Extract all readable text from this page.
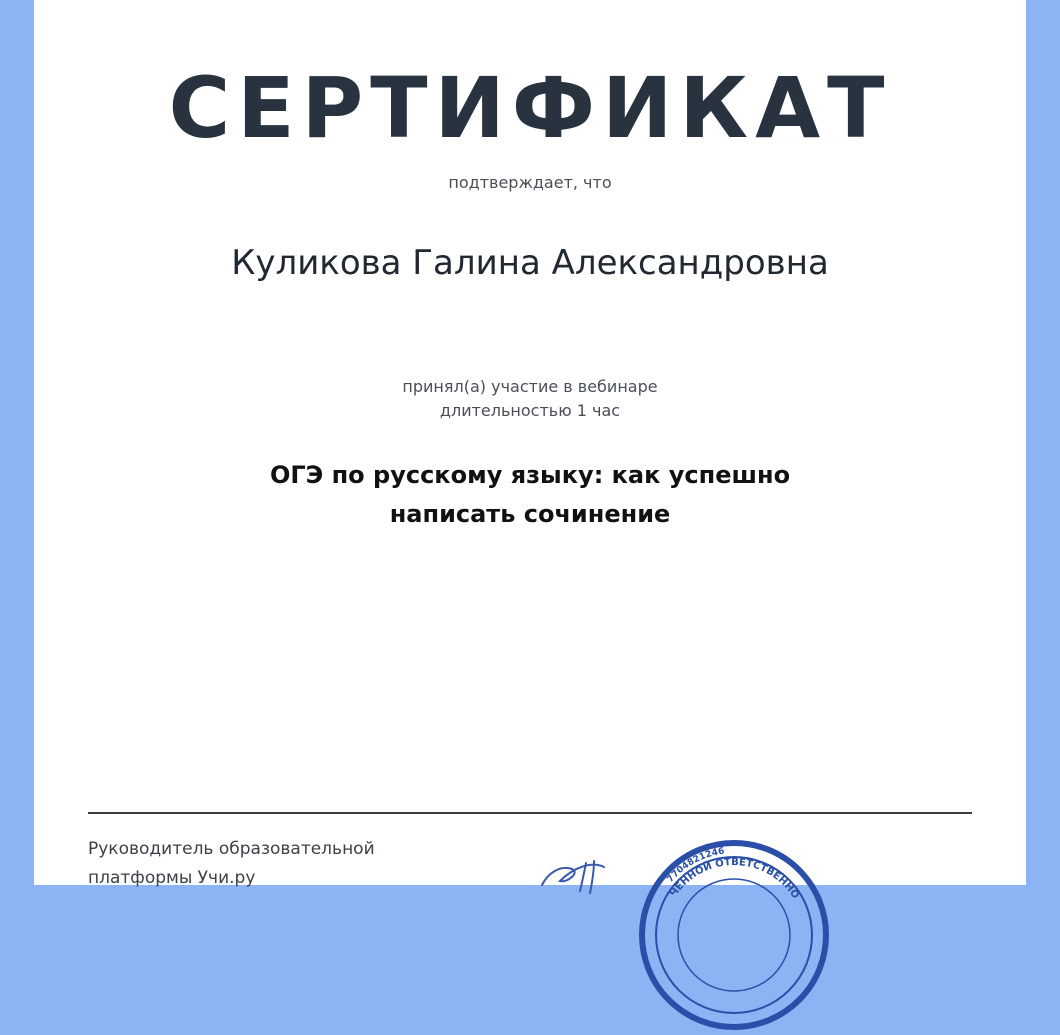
СЕРТИФИКАТ
подтверждает, что
Куликова Галина Александровна
принял(а) участие в вебинаре
длительностью 1 час
ОГЭ по русскому языку: как успешно
написать сочинение
Руководитель образовательной
платформы Учи.ру	7704821246
ЧЕННОЙ ОТВЕТСТВЕННО
